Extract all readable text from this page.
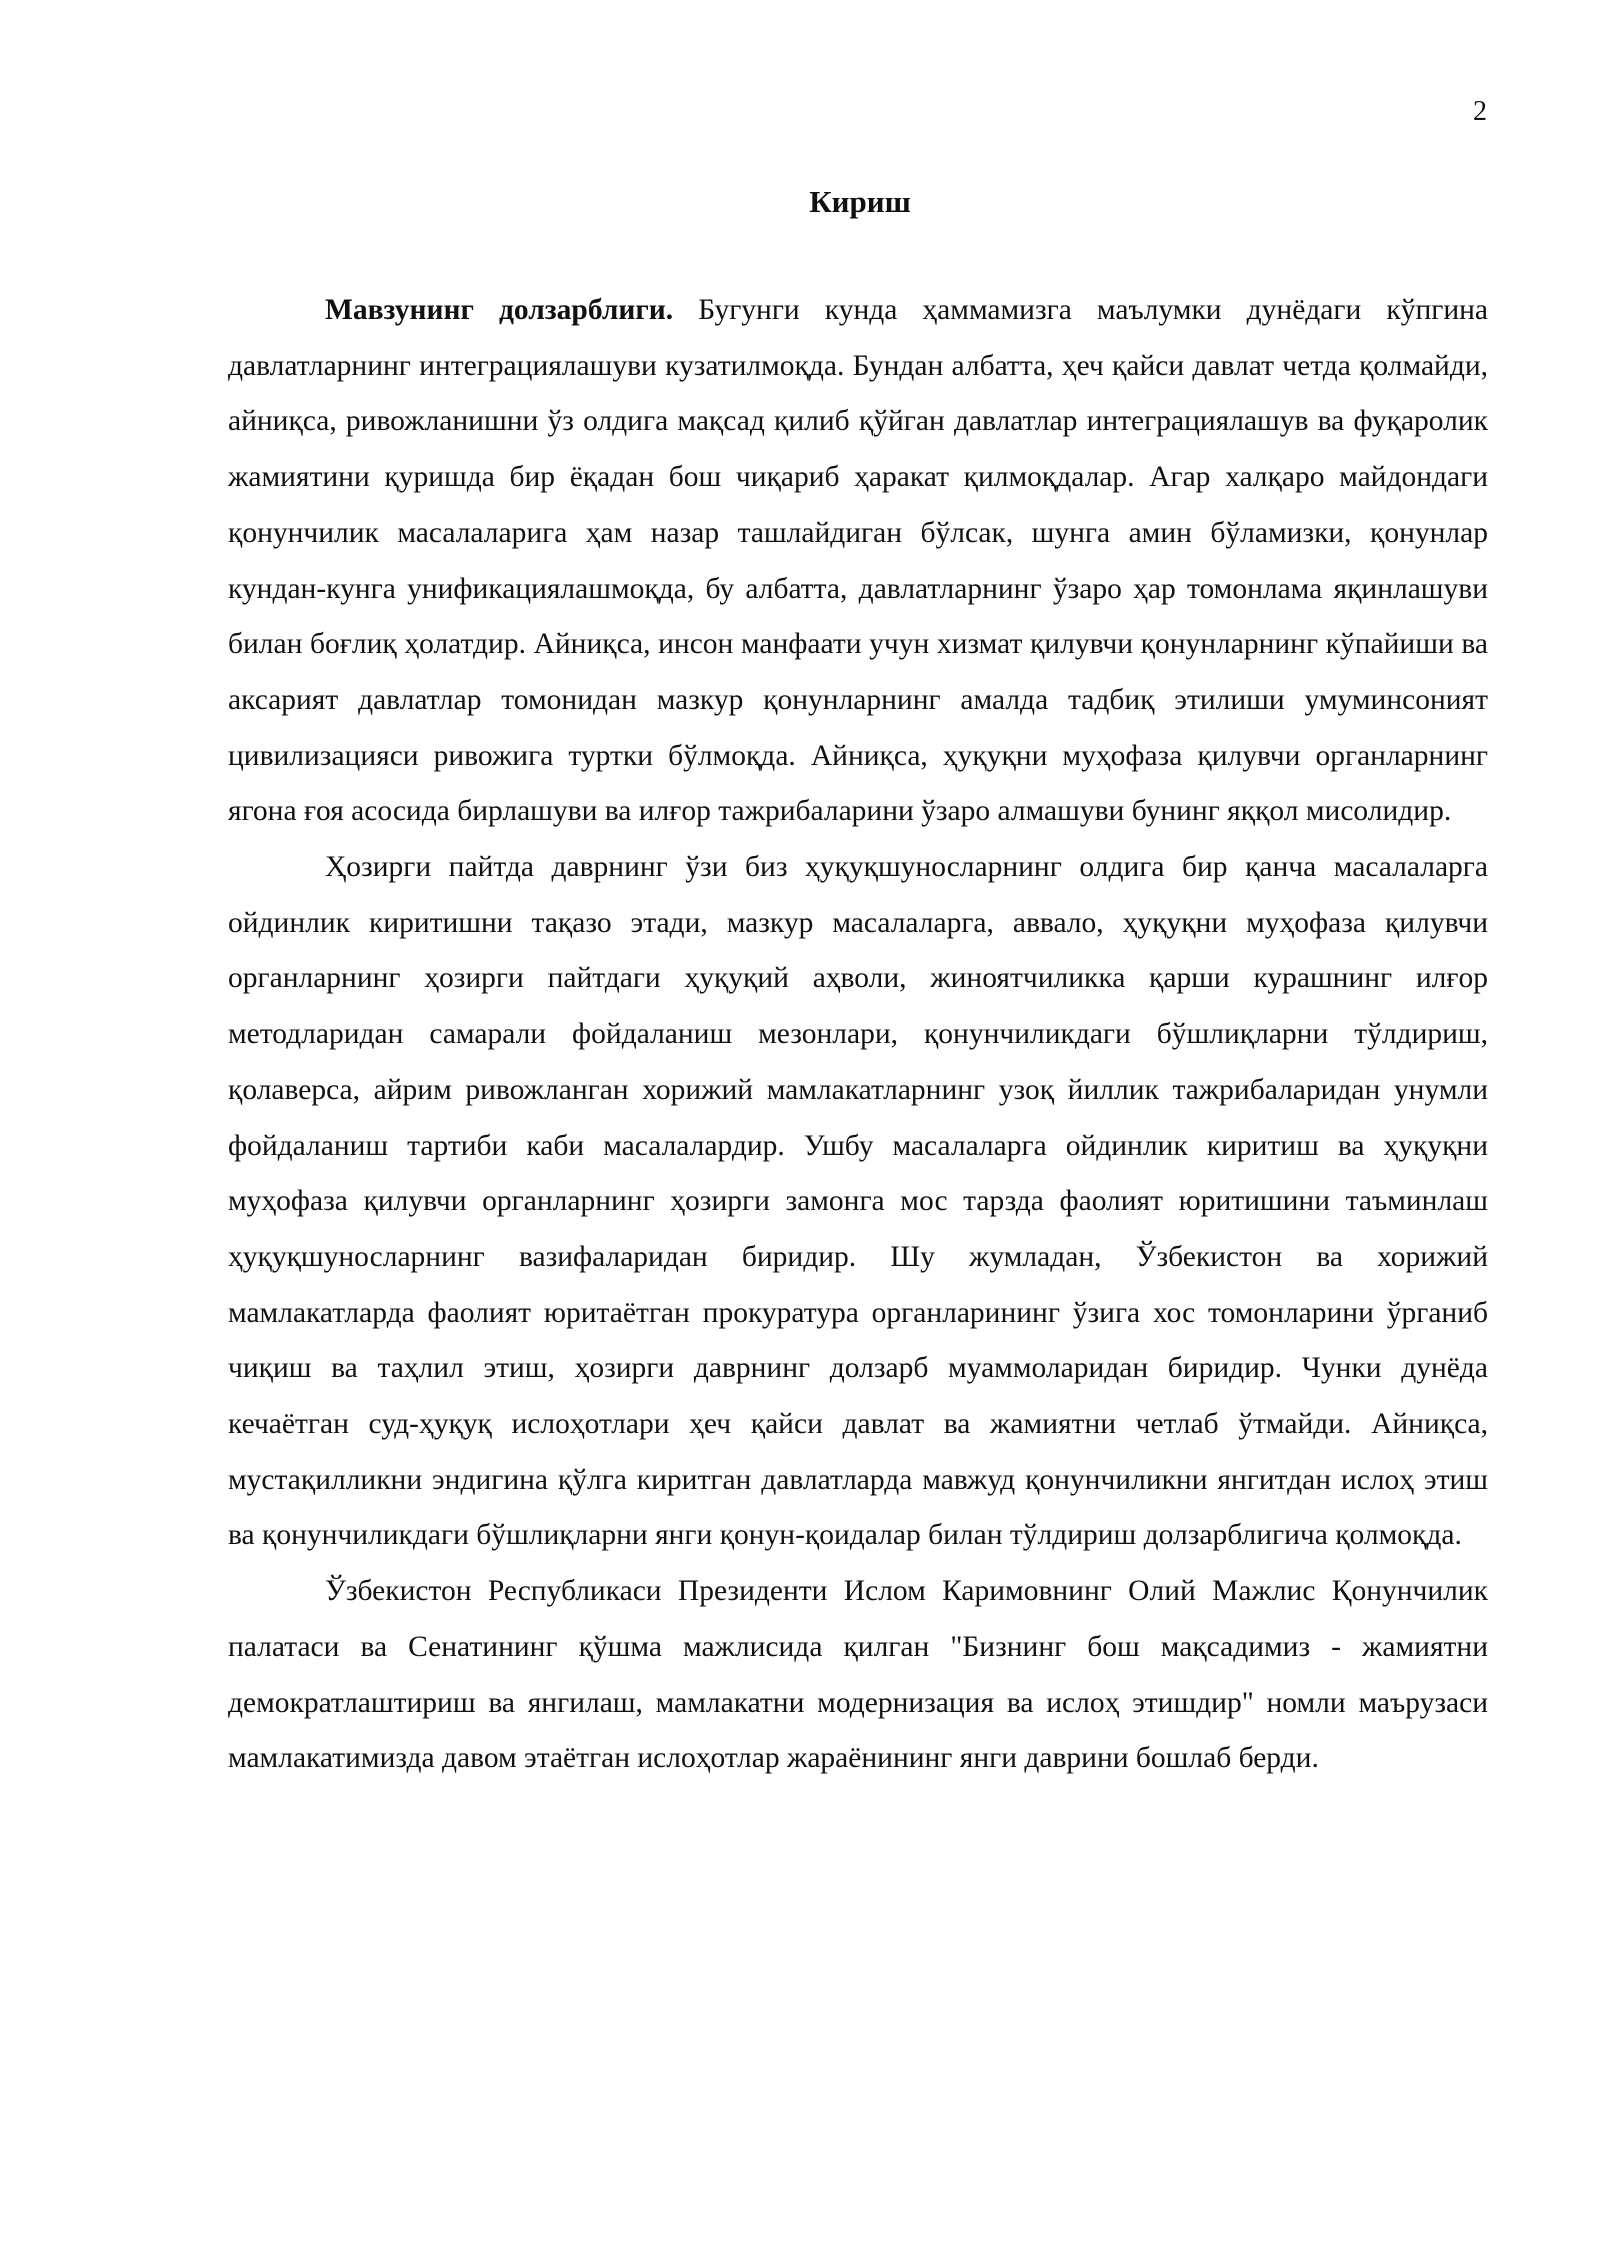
2
Кириш

Мавзунинг долзарблиги. Бугунги кунда ҳаммамизга маълумки дунёдаги кўпгина давлатларнинг интеграциялашуви кузатилмоқда. Бундан албатта, ҳеч қайси давлат четда қолмайди, айниқса, ривожланишни ўз олдига мақсад қилиб қўйган давлатлар интеграциялашув ва фуқаролик жамиятини қуришда бир ёқадан бош чиқариб ҳаракат қилмоқдалар. Агар халқаро майдондаги қонунчилик масалаларига ҳам назар ташлайдиган бўлсак, шунга амин бўламизки, қонунлар кундан-кунга унификациялашмоқда, бу албатта, давлатларнинг ўзаро ҳар томонлама яқинлашуви билан боғлиқ ҳолатдир. Айниқса, инсон манфаати учун хизмат қилувчи қонунларнинг кўпайиши ва аксарият давлатлар томонидан мазкур қонунларнинг амалда тадбиқ этилиши умуминсоният цивилизацияси ривожига туртки бўлмоқда. Айниқса, ҳуқуқни муҳофаза қилувчи органларнинг ягона ғоя асосида бирлашуви ва илғор тажрибаларини ўзаро алмашуви бунинг яққол мисолидир.

Ҳозирги пайтда даврнинг ўзи биз ҳуқуқшуносларнинг олдига бир қанча масалаларга ойдинлик киритишни тақазо этади, мазкур масалаларга, аввало, ҳуқуқни муҳофаза қилувчи органларнинг ҳозирги пайтдаги ҳуқуқий аҳволи, жиноятчиликка қарши курашнинг илғор методларидан самарали фойдаланиш мезонлари, қонунчиликдаги бўшлиқларни тўлдириш, қолаверса, айрим ривожланган хорижий мамлакатларнинг узоқ йиллик тажрибаларидан унумли фойдаланиш тартиби каби масалалардир. Ушбу масалаларга ойдинлик киритиш ва ҳуқуқни муҳофаза қилувчи органларнинг ҳозирги замонга мос тарзда фаолият юритишини таъминлаш ҳуқуқшуносларнинг вазифаларидан биридир. Шу жумладан, Ўзбекистон ва хорижий мамлакатларда фаолият юритаётган прокуратура органларининг ўзига хос томонларини ўрганиб чиқиш ва таҳлил этиш, ҳозирги даврнинг долзарб муаммоларидан биридир. Чунки дунёда кечаётган суд-ҳуқуқ ислоҳотлари ҳеч қайси давлат ва жамиятни четлаб ўтмайди. Айниқса, мустақилликни эндигина қўлга киритган давлатларда мавжуд қонунчиликни янгитдан ислоҳ этиш ва қонунчиликдаги бўшлиқларни янги қонун-қоидалар билан тўлдириш долзарблигича қолмоқда.

Ўзбекистон Республикаси Президенти Ислом Каримовнинг Олий Мажлис Қонунчилик палатаси ва Сенатининг қўшма мажлисида қилган "Бизнинг бош мақсадимиз - жамиятни демократлаштириш ва янгилаш, мамлакатни модернизация ва ислоҳ этишдир" номли маърузаси мамлакатимизда давом этаётган ислоҳотлар жараёнининг янги даврини бошлаб берди.
